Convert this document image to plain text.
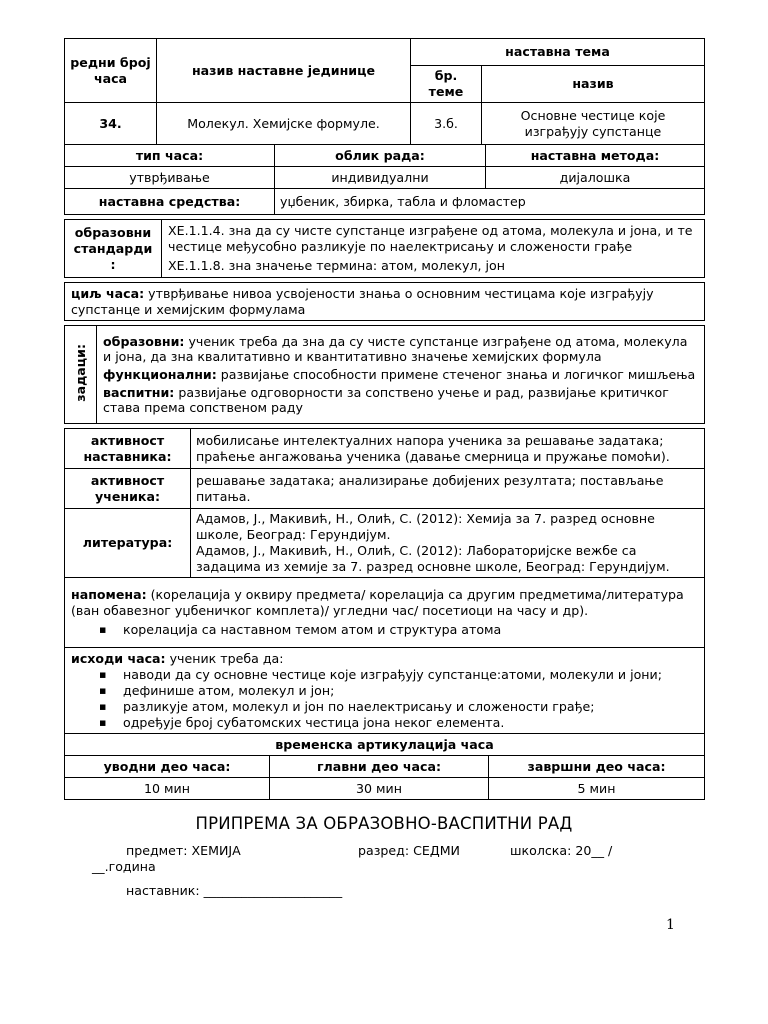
редни број часа	назив наставне јединице	наставна тема	
		бр. теме	назив
34.	Молекул. Хемијске формуле.	3.б.	Основне честице које изграђују супстанце
тип часа:	облик рада:	наставна метода:
утврђивање	индивидуални	дијалошка
наставна средства:	уџбеник, збирка, табла и фломастер	
образовни стандарди :	
ХЕ.1.1.4. зна да су чисте супстанце изграђене од атома, молекула и јона, и те честице међусобно разликује по наелектрисању и сложености грађе
ХЕ.1.1.8. зна значење термина: атом, молекул, јон
циљ часа: утврђивање нивоа усвојености знања о основним честицама које изграђују супстанце и хемијским формулама
задаци:	
образовни: ученик треба да зна да су чисте супстанце изграђене од атома, молекула и јона, да зна квалитативно и квантитативно значење хемијских формула
функционални: развијање способности примене стеченог знања и логичког мишљења
васпитни: развијање одговорности за сопствено учење и рад, развијање критичког става према сопственом раду
активност наставника:	мобилисање интелектуалних напора ученика за решавање задатака; праћење ангажовања ученика (давање смерница и пружање помоћи).
активност ученика:	решавање задатака; анализирање добијених резултата; постављање питања.
литература:	Адамов, Ј., Макивић, Н., Олић, С. (2012): Хемија за 7. разред основне школе, Београд: Герундијум.
Адамов, Ј., Макивић, Н., Олић, С. (2012): Лабораторијске вежбе са задацима из хемије за 7. разред основне школе, Београд: Герундијум.
напомена: (корелација у оквиру предмета/ корелација са другим предметима/литература (ван обавезног уџбеничког комплета)/ угледни час/ посетиоци на часу и др).
▪ корелација са наставном темом атом и структура атома
исходи часа: ученик треба да:
▪ наводи да су основне честице које изграђују супстанце:атоми, молекули и јони;
▪ дефинише атом, молекул и јон;
▪ разликује атом, молекул и јон по наелектрисању и сложености грађе;
▪ одређује број субатомских честица јона неког елемента.
временска артикулација часа		
уводни део часа:	главни део часа:	завршни део часа:
10 мин	30 мин	5 мин
ПРИПРЕМА ЗА ОБРАЗОВНО-ВАСПИТНИ РАД
предмет: ХЕМИЈА	разред: СЕДМИ	школска: 20__ /
__.година
наставник: ______________________
1
